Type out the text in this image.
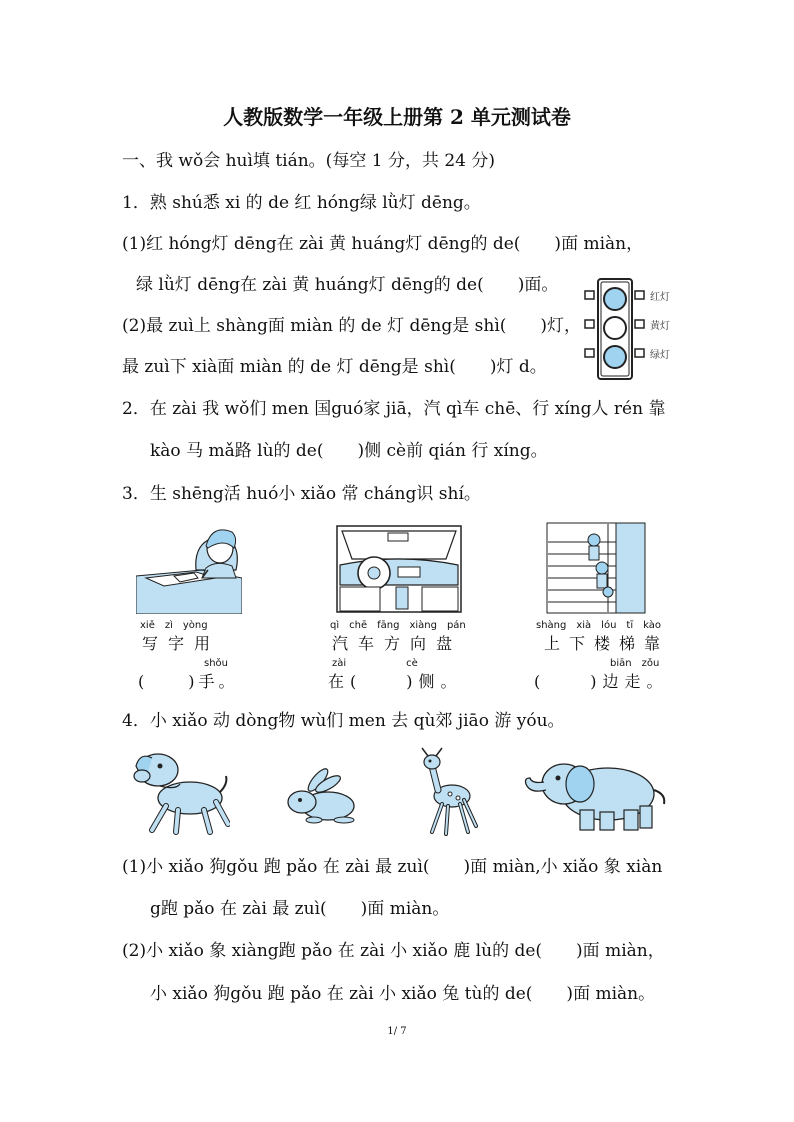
人教版数学一年级上册第 2 单元测试卷
一、我 wǒ会 huì填 tián。(每空 1 分，共 24 分)
1．熟 shú悉 xi 的 de 红 hóng绿 lǜ灯 dēng。
(1)红 hóng灯 dēng在 zài 黄 huáng灯 dēng的 de(　　)面 miàn，
绿 lǜ灯 dēng在 zài 黄 huáng灯 dēng的 de(　　)面。
(2)最 zuì上 shàng面 miàn 的 de 灯 dēng是 shì(　　)灯，
最 zuì下 xià面 miàn 的 de 灯 dēng是 shì(　　)灯 d。
红灯
黄灯
绿灯
2．在 zài 我 wǒ们 men 国guó家 jiā，汽 qì车 chē、行 xíng人 rén 靠
kào 马 mǎ路 lù的 de(　　)侧 cè前 qián 行 xíng。
3．生 shēng活 huó小 xiǎo 常 cháng识 shí。
xiě　zì　yòng
写字用
shǒu
(　　)手。
qì　chē　fāng　xiàng　pán
汽车方向盘
zài　　　　　　cè
在(　　)侧。
shàng　xià　lóu　tī　kào
上下楼梯靠
biān　zǒu
(　　)边走。
4．小 xiǎo 动 dòng物 wù们 men 去 qù郊 jiāo 游 yóu。
(1)小 xiǎo 狗gǒu 跑 pǎo 在 zài 最 zuì(　　)面 miàn,小 xiǎo 象 xiàn
g跑 pǎo 在 zài 最 zuì(　　)面 miàn。
(2)小 xiǎo 象 xiàng跑 pǎo 在 zài 小 xiǎo 鹿 lù的 de(　　)面 miàn，
小 xiǎo 狗gǒu 跑 pǎo 在 zài 小 xiǎo 兔 tù的 de(　　)面 miàn。
1/ 7
